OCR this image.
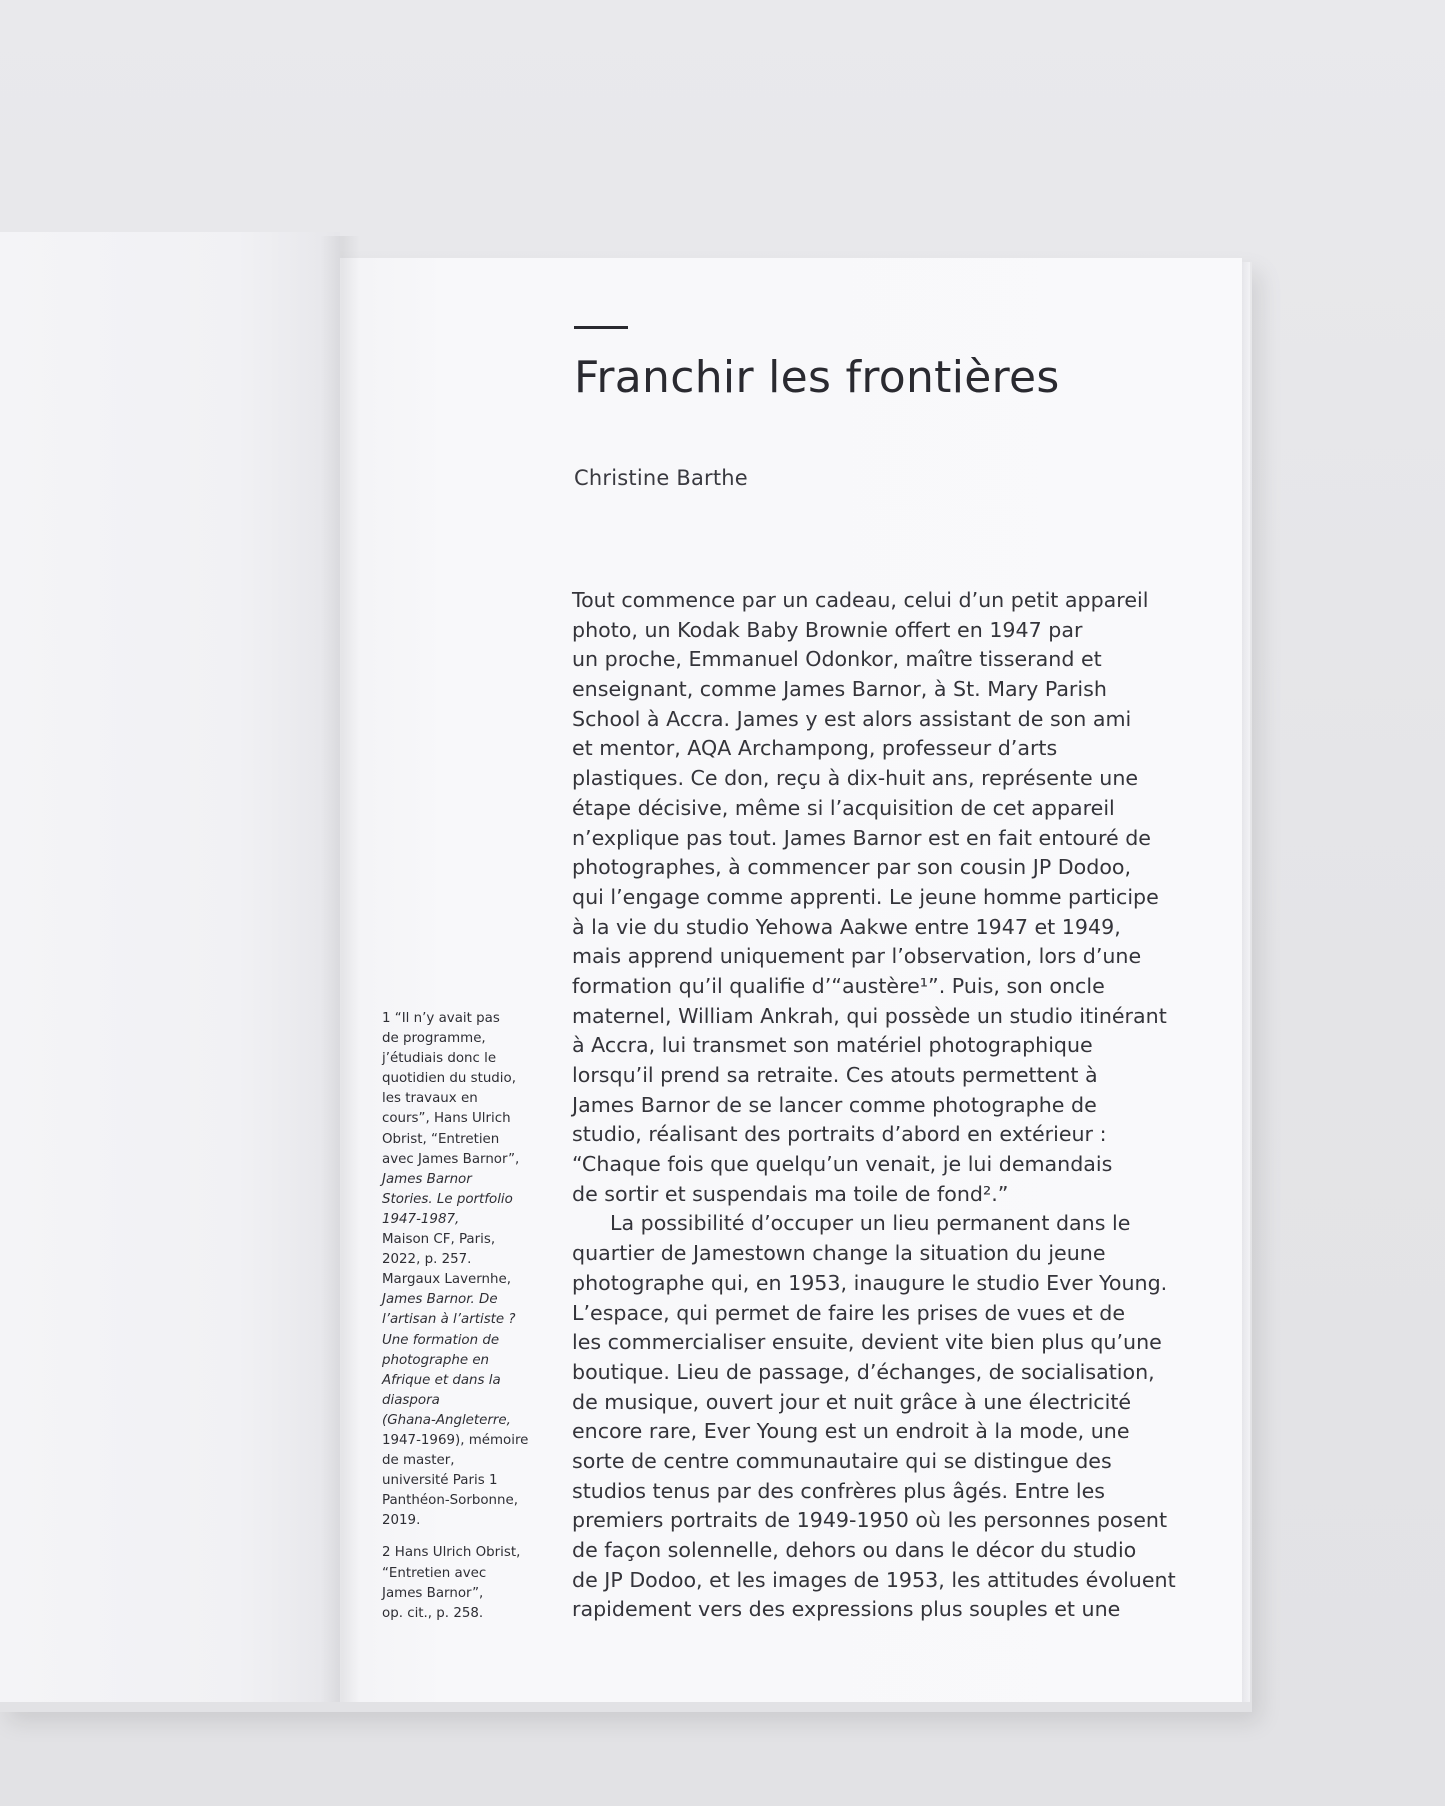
Franchir les frontières

Christine Barthe

Tout commence par un cadeau, celui d’un petit appareil
photo, un Kodak Baby Brownie offert en 1947 par
un proche, Emmanuel Odonkor, maître tisserand et
enseignant, comme James Barnor, à St. Mary Parish
School à Accra. James y est alors assistant de son ami
et mentor, AQA Archampong, professeur d’arts
plastiques. Ce don, reçu à dix-huit ans, représente une
étape décisive, même si l’acquisition de cet appareil
n’explique pas tout. James Barnor est en fait entouré de
photographes, à commencer par son cousin JP Dodoo,
qui l’engage comme apprenti. Le jeune homme participe
à la vie du studio Yehowa Aakwe entre 1947 et 1949,
mais apprend uniquement par l’observation, lors d’une
formation qu’il qualifie d’“austère¹”. Puis, son oncle
maternel, William Ankrah, qui possède un studio itinérant
à Accra, lui transmet son matériel photographique
lorsqu’il prend sa retraite. Ces atouts permettent à
James Barnor de se lancer comme photographe de
studio, réalisant des portraits d’abord en extérieur :
“Chaque fois que quelqu’un venait, je lui demandais
de sortir et suspendais ma toile de fond².”
La possibilité d’occuper un lieu permanent dans le
quartier de Jamestown change la situation du jeune
photographe qui, en 1953, inaugure le studio Ever Young.
L’espace, qui permet de faire les prises de vues et de
les commercialiser ensuite, devient vite bien plus qu’une
boutique. Lieu de passage, d’échanges, de socialisation,
de musique, ouvert jour et nuit grâce à une électricité
encore rare, Ever Young est un endroit à la mode, une
sorte de centre communautaire qui se distingue des
studios tenus par des confrères plus âgés. Entre les
premiers portraits de 1949-1950 où les personnes posent
de façon solennelle, dehors ou dans le décor du studio
de JP Dodoo, et les images de 1953, les attitudes évoluent
rapidement vers des expressions plus souples et une
1 “Il n’y avait pas
de programme,
j’étudiais donc le
quotidien du studio,
les travaux en
cours”, Hans Ulrich
Obrist, “Entretien
avec James Barnor”,
James Barnor
Stories. Le portfolio
1947-1987,
Maison CF, Paris,
2022, p. 257.
Margaux Lavernhe,
James Barnor. De
l’artisan à l’artiste ?
Une formation de
photographe en
Afrique et dans la
diaspora
(Ghana-Angleterre,
1947-1969), mémoire
de master,
université Paris 1
Panthéon-Sorbonne,
2019.
2 Hans Ulrich Obrist,
“Entretien avec
James Barnor”,
op. cit., p. 258.
